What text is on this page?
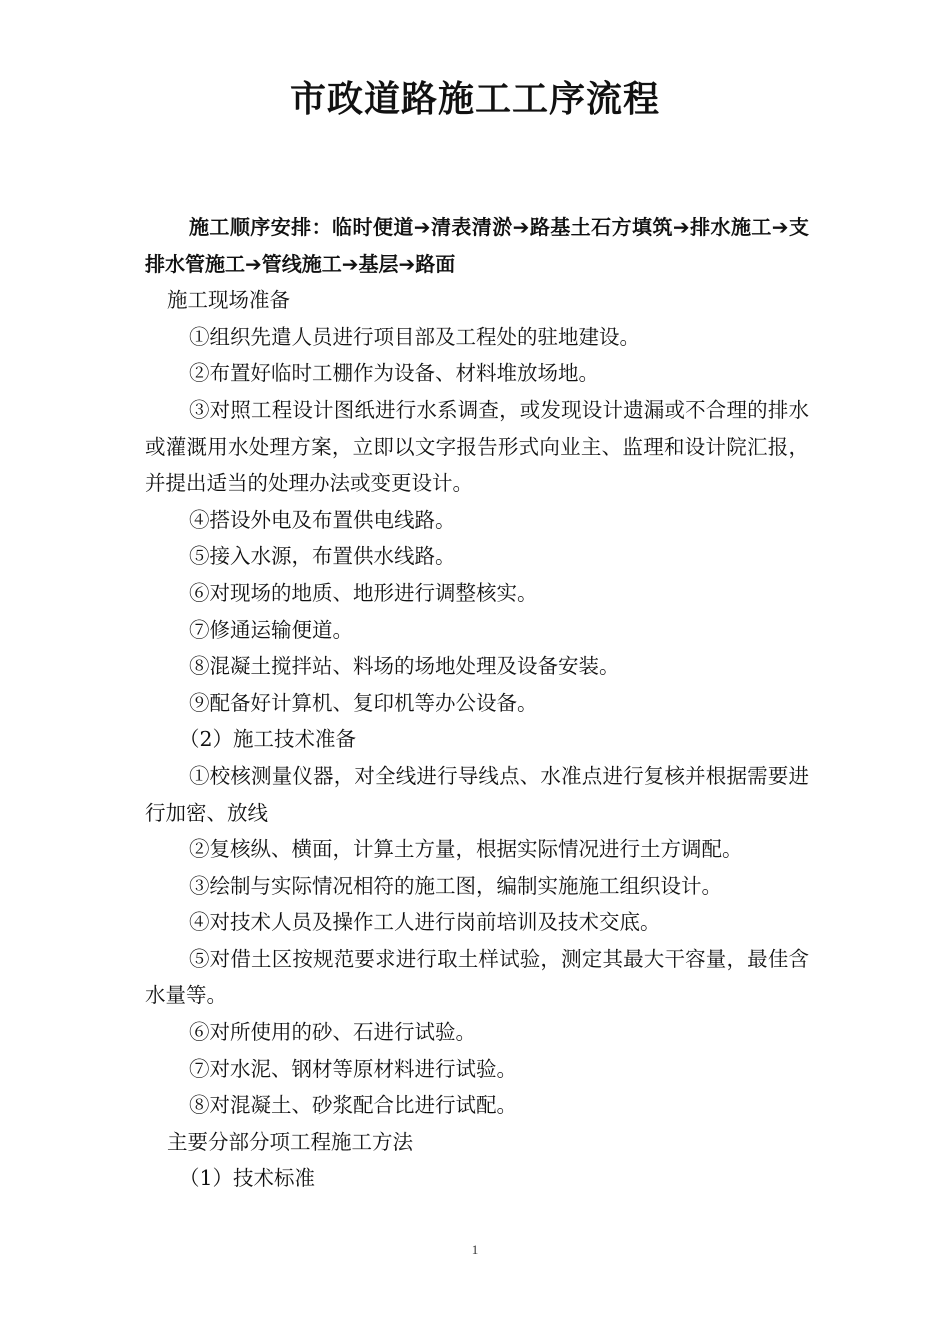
市政道路施工工序流程

施工顺序安排：临时便道➔清表清淤➔路基土石方填筑➔排水施工➔支排水管施工➔管线施工➔基层➔路面

施工现场准备

①组织先遣人员进行项目部及工程处的驻地建设。

②布置好临时工棚作为设备、材料堆放场地。

③对照工程设计图纸进行水系调查，或发现设计遗漏或不合理的排水或灌溉用水处理方案，立即以文字报告形式向业主、监理和设计院汇报，并提出适当的处理办法或变更设计。

④搭设外电及布置供电线路。

⑤接入水源，布置供水线路。

⑥对现场的地质、地形进行调整核实。

⑦修通运输便道。

⑧混凝土搅拌站、料场的场地处理及设备安装。

⑨配备好计算机、复印机等办公设备。

（2）施工技术准备

①校核测量仪器，对全线进行导线点、水准点进行复核并根据需要进行加密、放线

②复核纵、横面，计算土方量，根据实际情况进行土方调配。

③绘制与实际情况相符的施工图，编制实施施工组织设计。

④对技术人员及操作工人进行岗前培训及技术交底。

⑤对借土区按规范要求进行取土样试验，测定其最大干容量，最佳含水量等。

⑥对所使用的砂、石进行试验。

⑦对水泥、钢材等原材料进行试验。

⑧对混凝土、砂浆配合比进行试配。

主要分部分项工程施工方法

（1）技术标准

1
